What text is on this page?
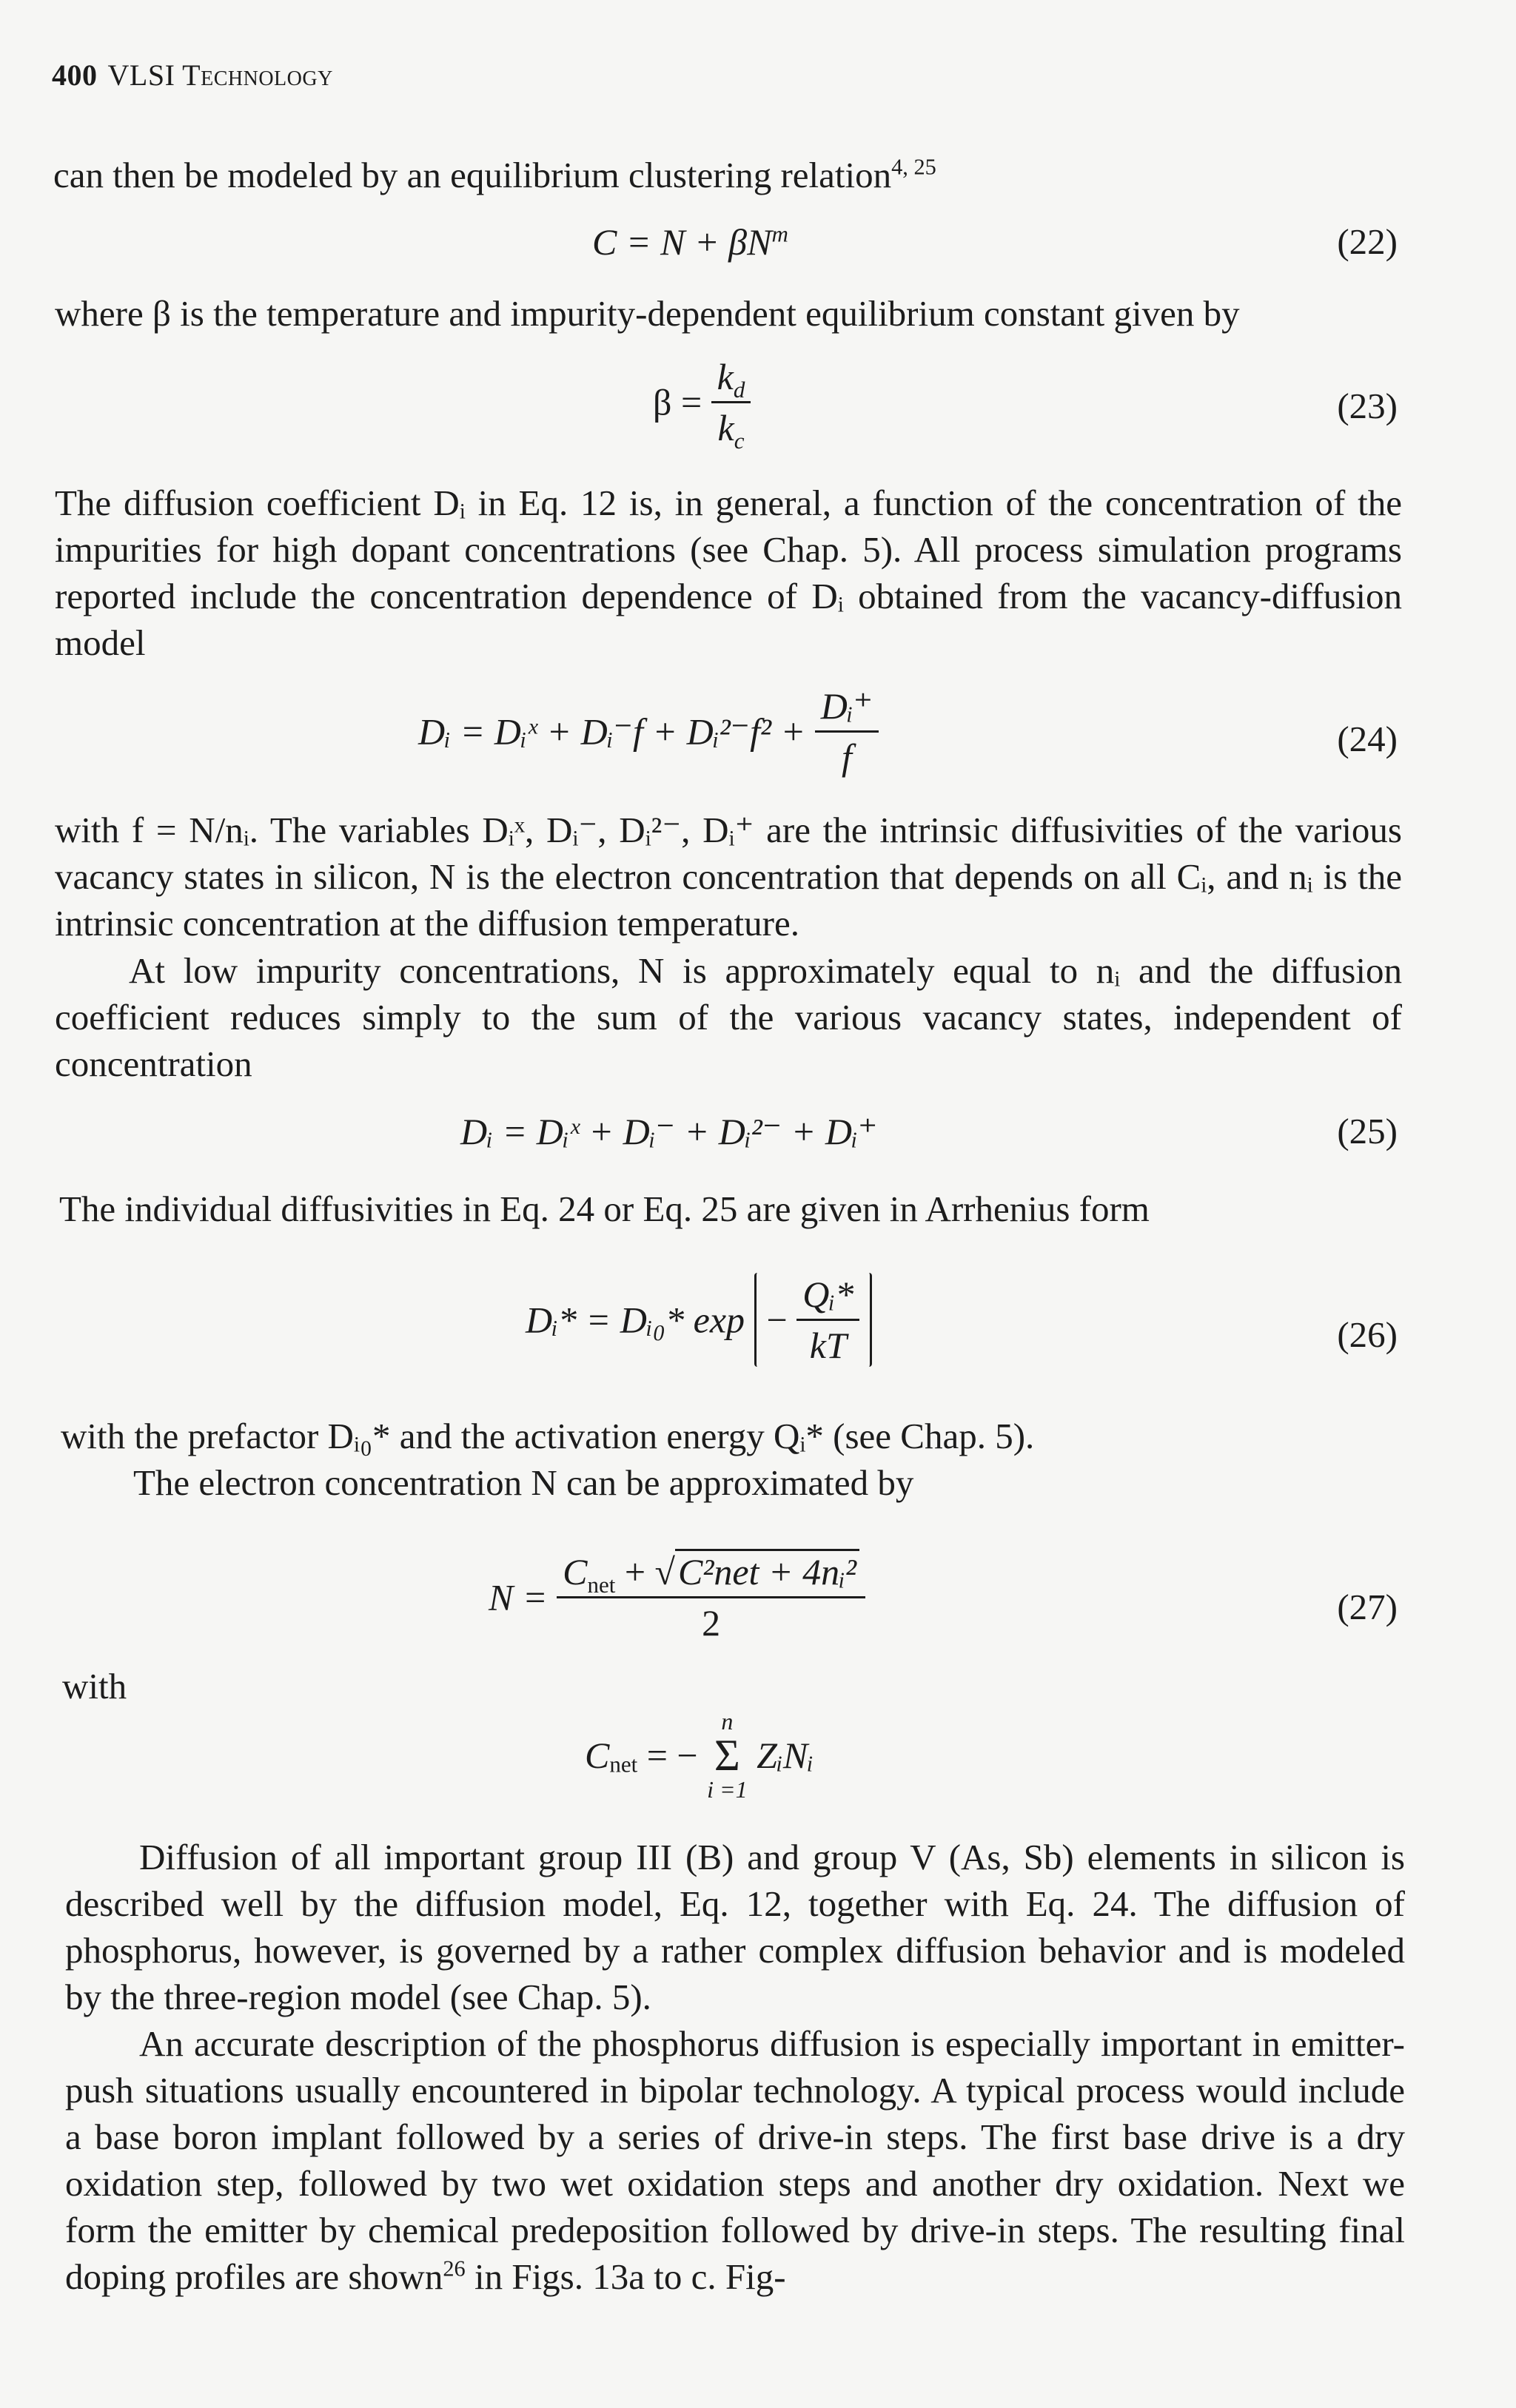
400 VLSI Technology
can then be modeled by an equilibrium clustering relation$^{4, 25}$
$C = N + \beta N^m$	(22)
where β is the temperature and impurity-dependent equilibrium constant given by
$\beta = \frac{k_d}{k_c}$	(23)

The diffusion coefficient Dᵢ in Eq. 12 is, in general, a function of the concentration of the impurities for high dopant concentrations (see Chap. 5). All process simulation programs reported include the concentration dependence of Dᵢ obtained from the vacancy-diffusion model

Dᵢ = Dᵢˣ + Dᵢ⁻f + Dᵢ²⁻f² + $\frac{\text{Dᵢ⁺}}{f}$	(24)

with f = N/nᵢ. The variables Dᵢˣ, Dᵢ⁻, Dᵢ²⁻, Dᵢ⁺ are the intrinsic diffusivities of the various vacancy states in silicon, N is the electron concentration that depends on all Cᵢ, and nᵢ is the intrinsic concentration at the diffusion temperature.

At low impurity concentrations, N is approximately equal to nᵢ and the diffusion coefficient reduces simply to the sum of the various vacancy states, independent of concentration

Dᵢ = Dᵢˣ + Dᵢ⁻ + Dᵢ²⁻ + Dᵢ⁺	(25)
The individual diffusivities in Eq. 24 or Eq. 25 are given in Arrhenius form
Dᵢ* = Dᵢ₀* $\exp - \frac{\text{Qᵢ*}}{kT}$	(26)
with the prefactor Dᵢ₀* and the activation energy Qᵢ* (see Chap. 5).
The electron concentration N can be approximated by
$N = \frac{C_{net} + √C^2net + 4nᵢ^2}{2}$	(27)
with
$C_{net}$ = −
n
Σ
i =1
ZᵢNᵢ

Diffusion of all important group III (B) and group V (As, Sb) elements in silicon is described well by the diffusion model, Eq. 12, together with Eq. 24. The diffusion of phosphorus, however, is governed by a rather complex diffusion behavior and is modeled by the three-region model (see Chap. 5).

An accurate description of the phosphorus diffusion is especially important in emitter-push situations usually encountered in bipolar technology. A typical process would include a base boron implant followed by a series of drive-in steps. The first base drive is a dry oxidation step, followed by two wet oxidation steps and another dry oxidation. Next we form the emitter by chemical predeposition followed by drive-in steps. The resulting final doping profiles are shown$^{26}$ in Figs. 13a to c. Fig-
